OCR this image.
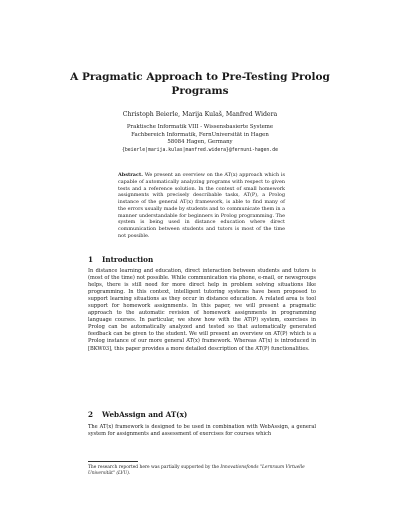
A Pragmatic Approach to Pre-Testing Prolog
Programs
Christoph Beierle, Marija Kulaš, Manfred Widera
Praktische Informatik VIII - Wissensbasierte Systeme
Fachbereich Informatik, FernUniversität in Hagen
58084 Hagen, Germany
{beierle|marija.kulas|manfred.widera}@fernuni-hagen.de
Abstract. We present an overview on the AT(x) approach which is capable of automatically analyzing programs with respect to given tests and a reference solution. In the context of small homework assignments with precisely describable tasks, AT(P), a Prolog instance of the general AT(x) framework, is able to find many of the errors usually made by students and to communicate them in a manner understandable for beginners in Prolog programming. The system is being used in distance education where direct communication between students and tutors is most of the time not possible.
1 Introduction

In distance learning and education, direct interaction between students and tutors is (most of the time) not possible. While communication via phone, e-mail, or newsgroups helps, there is still need for more direct help in problem solving situations like programming. In this context, intelligent tutoring systems have been proposed to support learning situations as they occur in distance education. A related area is tool support for homework assignments. In this paper, we will present a pragmatic approach to the automatic revision of homework assignments in programming language courses. In particular, we show how with the AT(P) system, exercises in Prolog can be automatically analyzed and tested so that automatically generated feedback can be given to the student. We will present an overview on AT(P) which is a Prolog instance of our more general AT(x) framework. Whereas AT(x) is introduced in [BKW03], this paper provides a more detailed description of the AT(P) functionalities.

2 WebAssign and AT(x)

The AT(x) framework is designed to be used in combination with WebAssign, a general system for assignments and assessment of exercises for courses which

The research reported here was partially supported by the Innovationsfonds "Lernraum Virtuelle Universität" (LVU).
